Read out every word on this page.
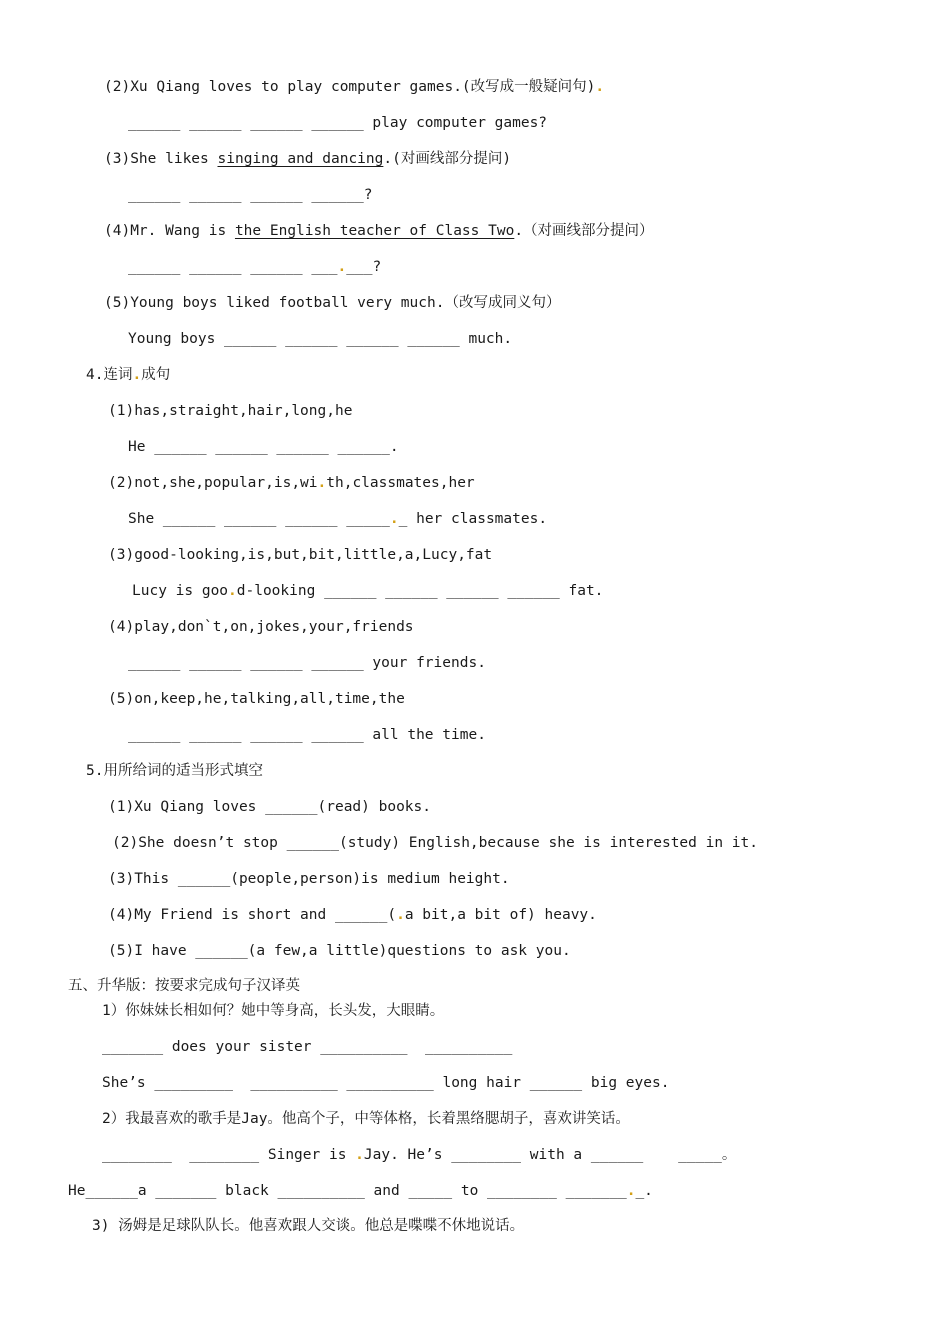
(2)Xu Qiang loves to play computer games.(改写成一般疑问句).
______ ______ ______ ______ play computer games?
(3)She likes singing and dancing.(对画线部分提问)
______ ______ ______ ______?
(4)Mr. Wang is the English teacher of Class Two.（对画线部分提问）
______ ______ ______ ___.___?
(5)Young boys liked football very much.（改写成同义句）
Young boys ______ ______ ______ ______ much.
4.连词.成句
(1)has,straight,hair,long,he
He ______ ______ ______ ______.
(2)not,she,popular,is,wi.th,classmates,her
She ______ ______ ______ _____._ her classmates.
(3)good-looking,is,but,bit,little,a,Lucy,fat
Lucy is goo.d-looking ______ ______ ______ ______ fat.
(4)play,don`t,on,jokes,your,friends
______ ______ ______ ______ your friends.
(5)on,keep,he,talking,all,time,the
______ ______ ______ ______ all the time.
5.用所给词的适当形式填空
(1)Xu Qiang loves ______(read) books.
(2)She doesn’t stop ______(study) English,because she is interested in it.
(3)This ______(people,person)is medium height.
(4)My Friend is short and ______(.a bit,a bit of) heavy.
(5)I have ______(a few,a little)questions to ask you.
五、升华版：按要求完成句子汉译英
1）你妹妹长相如何？她中等身高，长头发，大眼睛。
_______ does your sister __________  __________
She’s _________  __________ __________ long hair ______ big eyes.
2）我最喜欢的歌手是Jay。他高个子，中等体格，长着黑络腮胡子，喜欢讲笑话。
________  ________ Singer is .Jay. He’s ________ with a ______    _____。
He______a _______ black __________ and _____ to ________ _______._.
3) 汤姆是足球队队长。他喜欢跟人交谈。他总是喋喋不休地说话。
